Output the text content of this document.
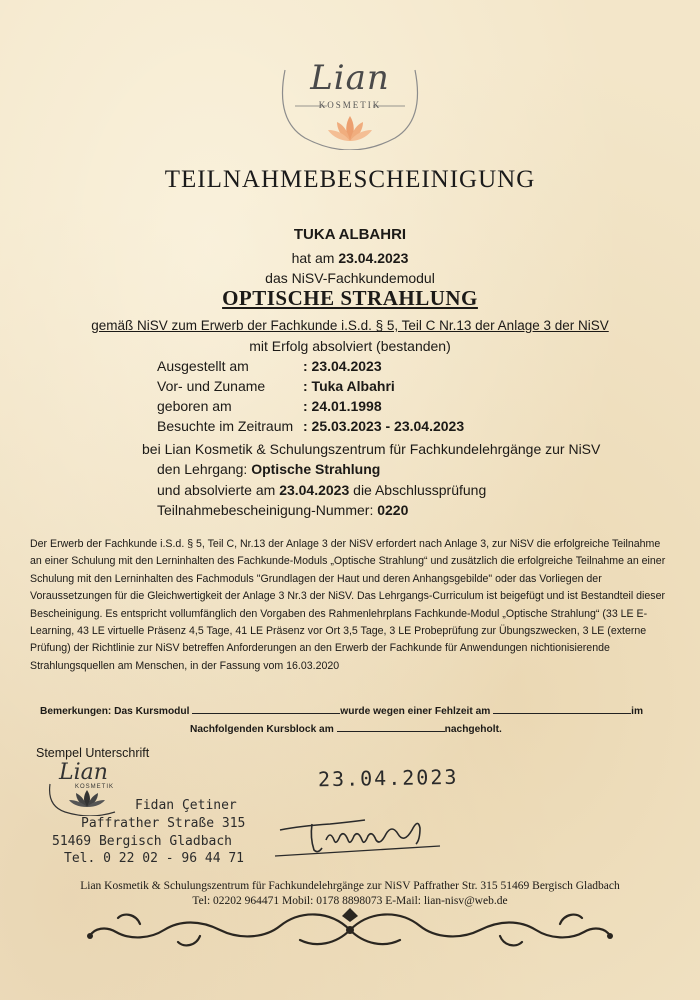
Lian
KOSMETIK
TEILNAHMEBESCHEINIGUNG
TUKA ALBAHRI
hat am 23.04.2023
das NiSV-Fachkundemodul
OPTISCHE STRAHLUNG
gemäß NiSV zum Erwerb der Fachkunde i.S.d. § 5, Teil C Nr.13 der Anlage 3 der NiSV
mit Erfolg absolviert (bestanden)
Ausgestellt am	: 23.04.2023
Vor- und Zuname	: Tuka Albahri
geboren am	: 24.01.1998
Besuchte im Zeitraum : 25.03.2023 - 23.04.2023
bei Lian Kosmetik & Schulungszentrum für Fachkundelehrgänge zur NiSV
den Lehrgang: Optische Strahlung
und absolvierte am 23.04.2023 die Abschlussprüfung
Teilnahmebescheinigung-Nummer: 0220
Der Erwerb der Fachkunde i.S.d. § 5, Teil C, Nr.13 der Anlage 3 der NiSV erfordert nach Anlage 3, zur NiSV die erfolgreiche Teilnahme an einer Schulung mit den Lerninhalten des Fachkunde-Moduls „Optische Strahlung“ und zusätzlich die erfolgreiche Teilnahme an einer Schulung mit den Lerninhalten des Fachmoduls "Grundlagen der Haut und deren Anhangsgebilde" oder das Vorliegen der Voraussetzungen für die Gleichwertigkeit der Anlage 3 Nr.3 der NiSV. Das Lehrgangs-Curriculum ist beigefügt und ist Bestandteil dieser Bescheinigung. Es entspricht vollumfänglich den Vorgaben des Rahmenlehrplans Fachkunde-Modul „Optische Strahlung“ (33 LE E-Learning, 43 LE virtuelle Präsenz 4,5 Tage, 41 LE Präsenz vor Ort 3,5 Tage, 3 LE Probeprüfung zur Übungszwecken, 3 LE (externe Prüfung) der Richtlinie zur NiSV betreffen Anforderungen an den Erwerb der Fachkunde für Anwendungen nichtionisierende Strahlungsquellen am Menschen, in der Fassung vom 16.03.2020
Bemerkungen: Das Kursmodul	wurde wegen einer Fehlzeit am	im
Nachfolgenden Kursblock am	nachgeholt.
Stempel Unterschrift
Lian
KOSMETIK
Fidan Çetiner
Paffrather Straße 315
51469 Bergisch Gladbach
Tel. 0 22 02 - 96 44 71
23.04.2023
Lian Kosmetik & Schulungszentrum für Fachkundelehrgänge zur NiSV Paffrather Str. 315 51469 Bergisch Gladbach
Tel: 02202 964471 Mobil: 0178 8898073 E-Mail: lian-nisv@web.de
